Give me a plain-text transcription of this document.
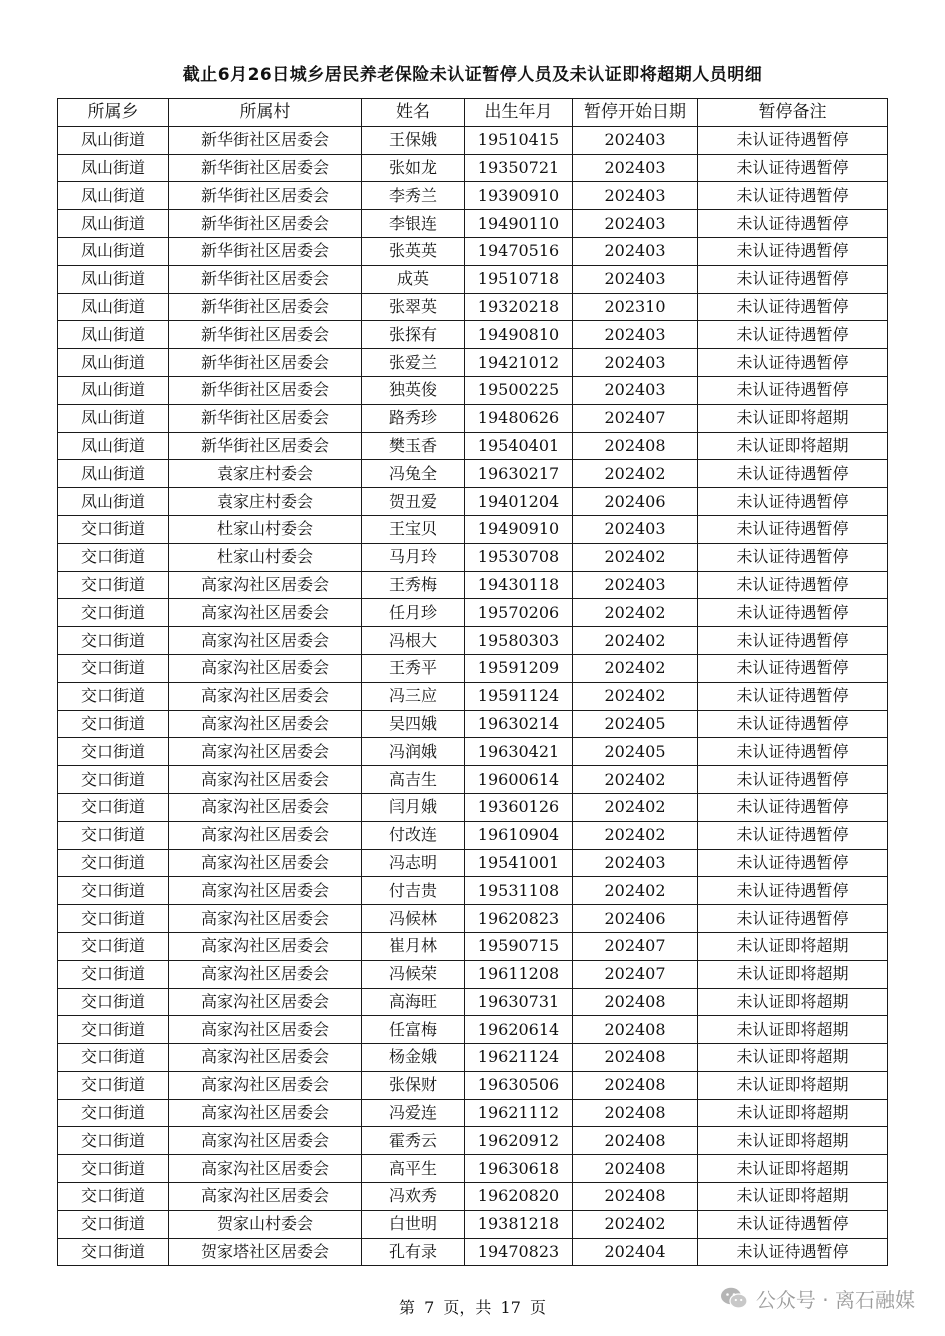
截止6月26日城乡居民养老保险未认证暂停人员及未认证即将超期人员明细
所属乡	所属村	姓名	出生年月	暂停开始日期	暂停备注
凤山街道	新华街社区居委会	王保娥	19510415	202403	未认证待遇暂停
凤山街道	新华街社区居委会	张如龙	19350721	202403	未认证待遇暂停
凤山街道	新华街社区居委会	李秀兰	19390910	202403	未认证待遇暂停
凤山街道	新华街社区居委会	李银连	19490110	202403	未认证待遇暂停
凤山街道	新华街社区居委会	张英英	19470516	202403	未认证待遇暂停
凤山街道	新华街社区居委会	成英	19510718	202403	未认证待遇暂停
凤山街道	新华街社区居委会	张翠英	19320218	202310	未认证待遇暂停
凤山街道	新华街社区居委会	张探有	19490810	202403	未认证待遇暂停
凤山街道	新华街社区居委会	张爱兰	19421012	202403	未认证待遇暂停
凤山街道	新华街社区居委会	独英俊	19500225	202403	未认证待遇暂停
凤山街道	新华街社区居委会	路秀珍	19480626	202407	未认证即将超期
凤山街道	新华街社区居委会	樊玉香	19540401	202408	未认证即将超期
凤山街道	袁家庄村委会	冯兔全	19630217	202402	未认证待遇暂停
凤山街道	袁家庄村委会	贺丑爱	19401204	202406	未认证待遇暂停
交口街道	杜家山村委会	王宝贝	19490910	202403	未认证待遇暂停
交口街道	杜家山村委会	马月玲	19530708	202402	未认证待遇暂停
交口街道	高家沟社区居委会	王秀梅	19430118	202403	未认证待遇暂停
交口街道	高家沟社区居委会	任月珍	19570206	202402	未认证待遇暂停
交口街道	高家沟社区居委会	冯根大	19580303	202402	未认证待遇暂停
交口街道	高家沟社区居委会	王秀平	19591209	202402	未认证待遇暂停
交口街道	高家沟社区居委会	冯三应	19591124	202402	未认证待遇暂停
交口街道	高家沟社区居委会	吴四娥	19630214	202405	未认证待遇暂停
交口街道	高家沟社区居委会	冯润娥	19630421	202405	未认证待遇暂停
交口街道	高家沟社区居委会	高吉生	19600614	202402	未认证待遇暂停
交口街道	高家沟社区居委会	闫月娥	19360126	202402	未认证待遇暂停
交口街道	高家沟社区居委会	付改连	19610904	202402	未认证待遇暂停
交口街道	高家沟社区居委会	冯志明	19541001	202403	未认证待遇暂停
交口街道	高家沟社区居委会	付吉贵	19531108	202402	未认证待遇暂停
交口街道	高家沟社区居委会	冯候林	19620823	202406	未认证待遇暂停
交口街道	高家沟社区居委会	崔月林	19590715	202407	未认证即将超期
交口街道	高家沟社区居委会	冯候荣	19611208	202407	未认证即将超期
交口街道	高家沟社区居委会	高海旺	19630731	202408	未认证即将超期
交口街道	高家沟社区居委会	任富梅	19620614	202408	未认证即将超期
交口街道	高家沟社区居委会	杨金娥	19621124	202408	未认证即将超期
交口街道	高家沟社区居委会	张保财	19630506	202408	未认证即将超期
交口街道	高家沟社区居委会	冯爱连	19621112	202408	未认证即将超期
交口街道	高家沟社区居委会	霍秀云	19620912	202408	未认证即将超期
交口街道	高家沟社区居委会	高平生	19630618	202408	未认证即将超期
交口街道	高家沟社区居委会	冯欢秀	19620820	202408	未认证即将超期
交口街道	贺家山村委会	白世明	19381218	202402	未认证待遇暂停
交口街道	贺家塔社区居委会	孔有录	19470823	202404	未认证待遇暂停
第 7 页，共 17 页	公众号 · 离石融媒
